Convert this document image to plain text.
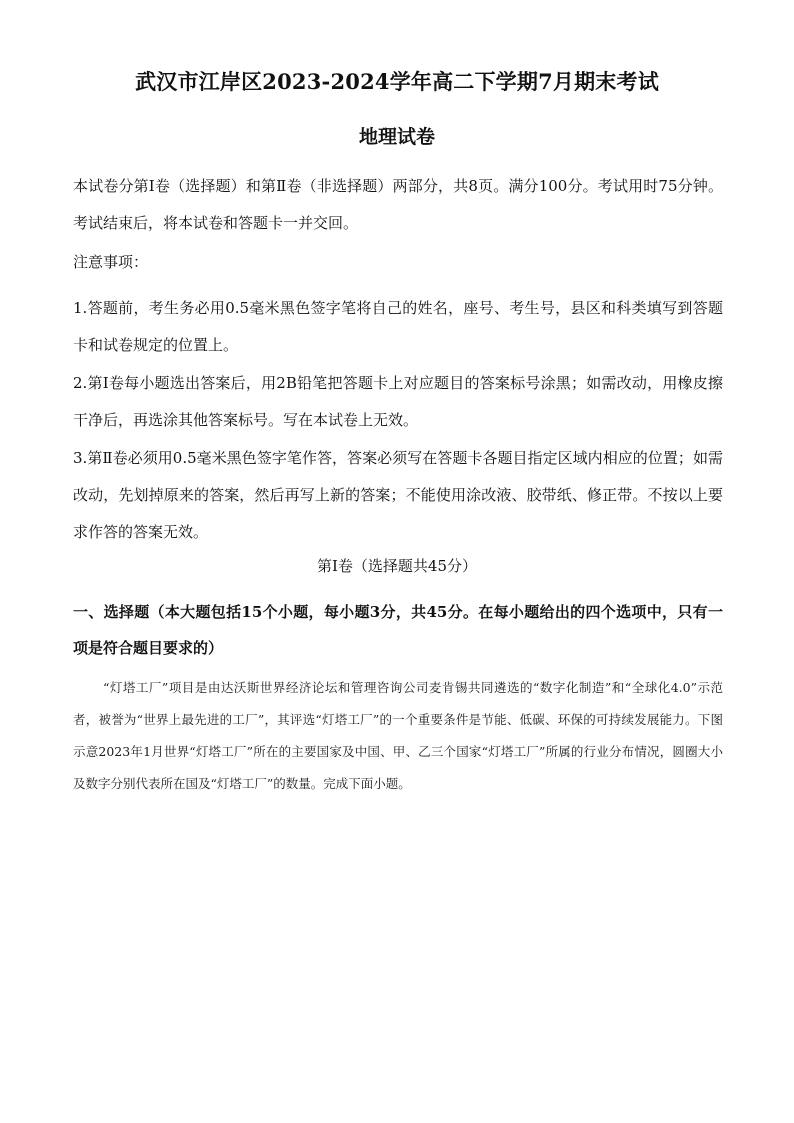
武汉市江岸区2023-2024学年高二下学期7月期末考试
地理试卷

本试卷分第Ⅰ卷（选择题）和第Ⅱ卷（非选择题）两部分，共8页。满分100分。考试用时75分钟。考试结束后，将本试卷和答题卡一并交回。

注意事项：

1.答题前，考生务必用0.5毫米黑色签字笔将自己的姓名，座号、考生号，县区和科类填写到答题卡和试卷规定的位置上。

2.第Ⅰ卷每小题选出答案后，用2B铅笔把答题卡上对应题目的答案标号涂黑；如需改动，用橡皮擦干净后，再选涂其他答案标号。写在本试卷上无效。

3.第Ⅱ卷必须用0.5毫米黑色签字笔作答，答案必须写在答题卡各题目指定区域内相应的位置；如需改动，先划掉原来的答案，然后再写上新的答案；不能使用涂改液、胶带纸、修正带。不按以上要求作答的答案无效。

第Ⅰ卷（选择题共45分）

一、选择题（本大题包括15个小题，每小题3分，共45分。在每小题给出的四个选项中，只有一项是符合题目要求的）

“灯塔工厂”项目是由达沃斯世界经济论坛和管理咨询公司麦肯锡共同遴选的“数字化制造”和“全球化4.0”示范者，被誉为“世界上最先进的工厂”，其评选“灯塔工厂”的一个重要条件是节能、低碳、环保的可持续发展能力。下图示意2023年1月世界“灯塔工厂”所在的主要国家及中国、甲、乙三个国家“灯塔工厂”所属的行业分布情况，圆圈大小及数字分别代表所在国及“灯塔工厂”的数量。完成下面小题。
